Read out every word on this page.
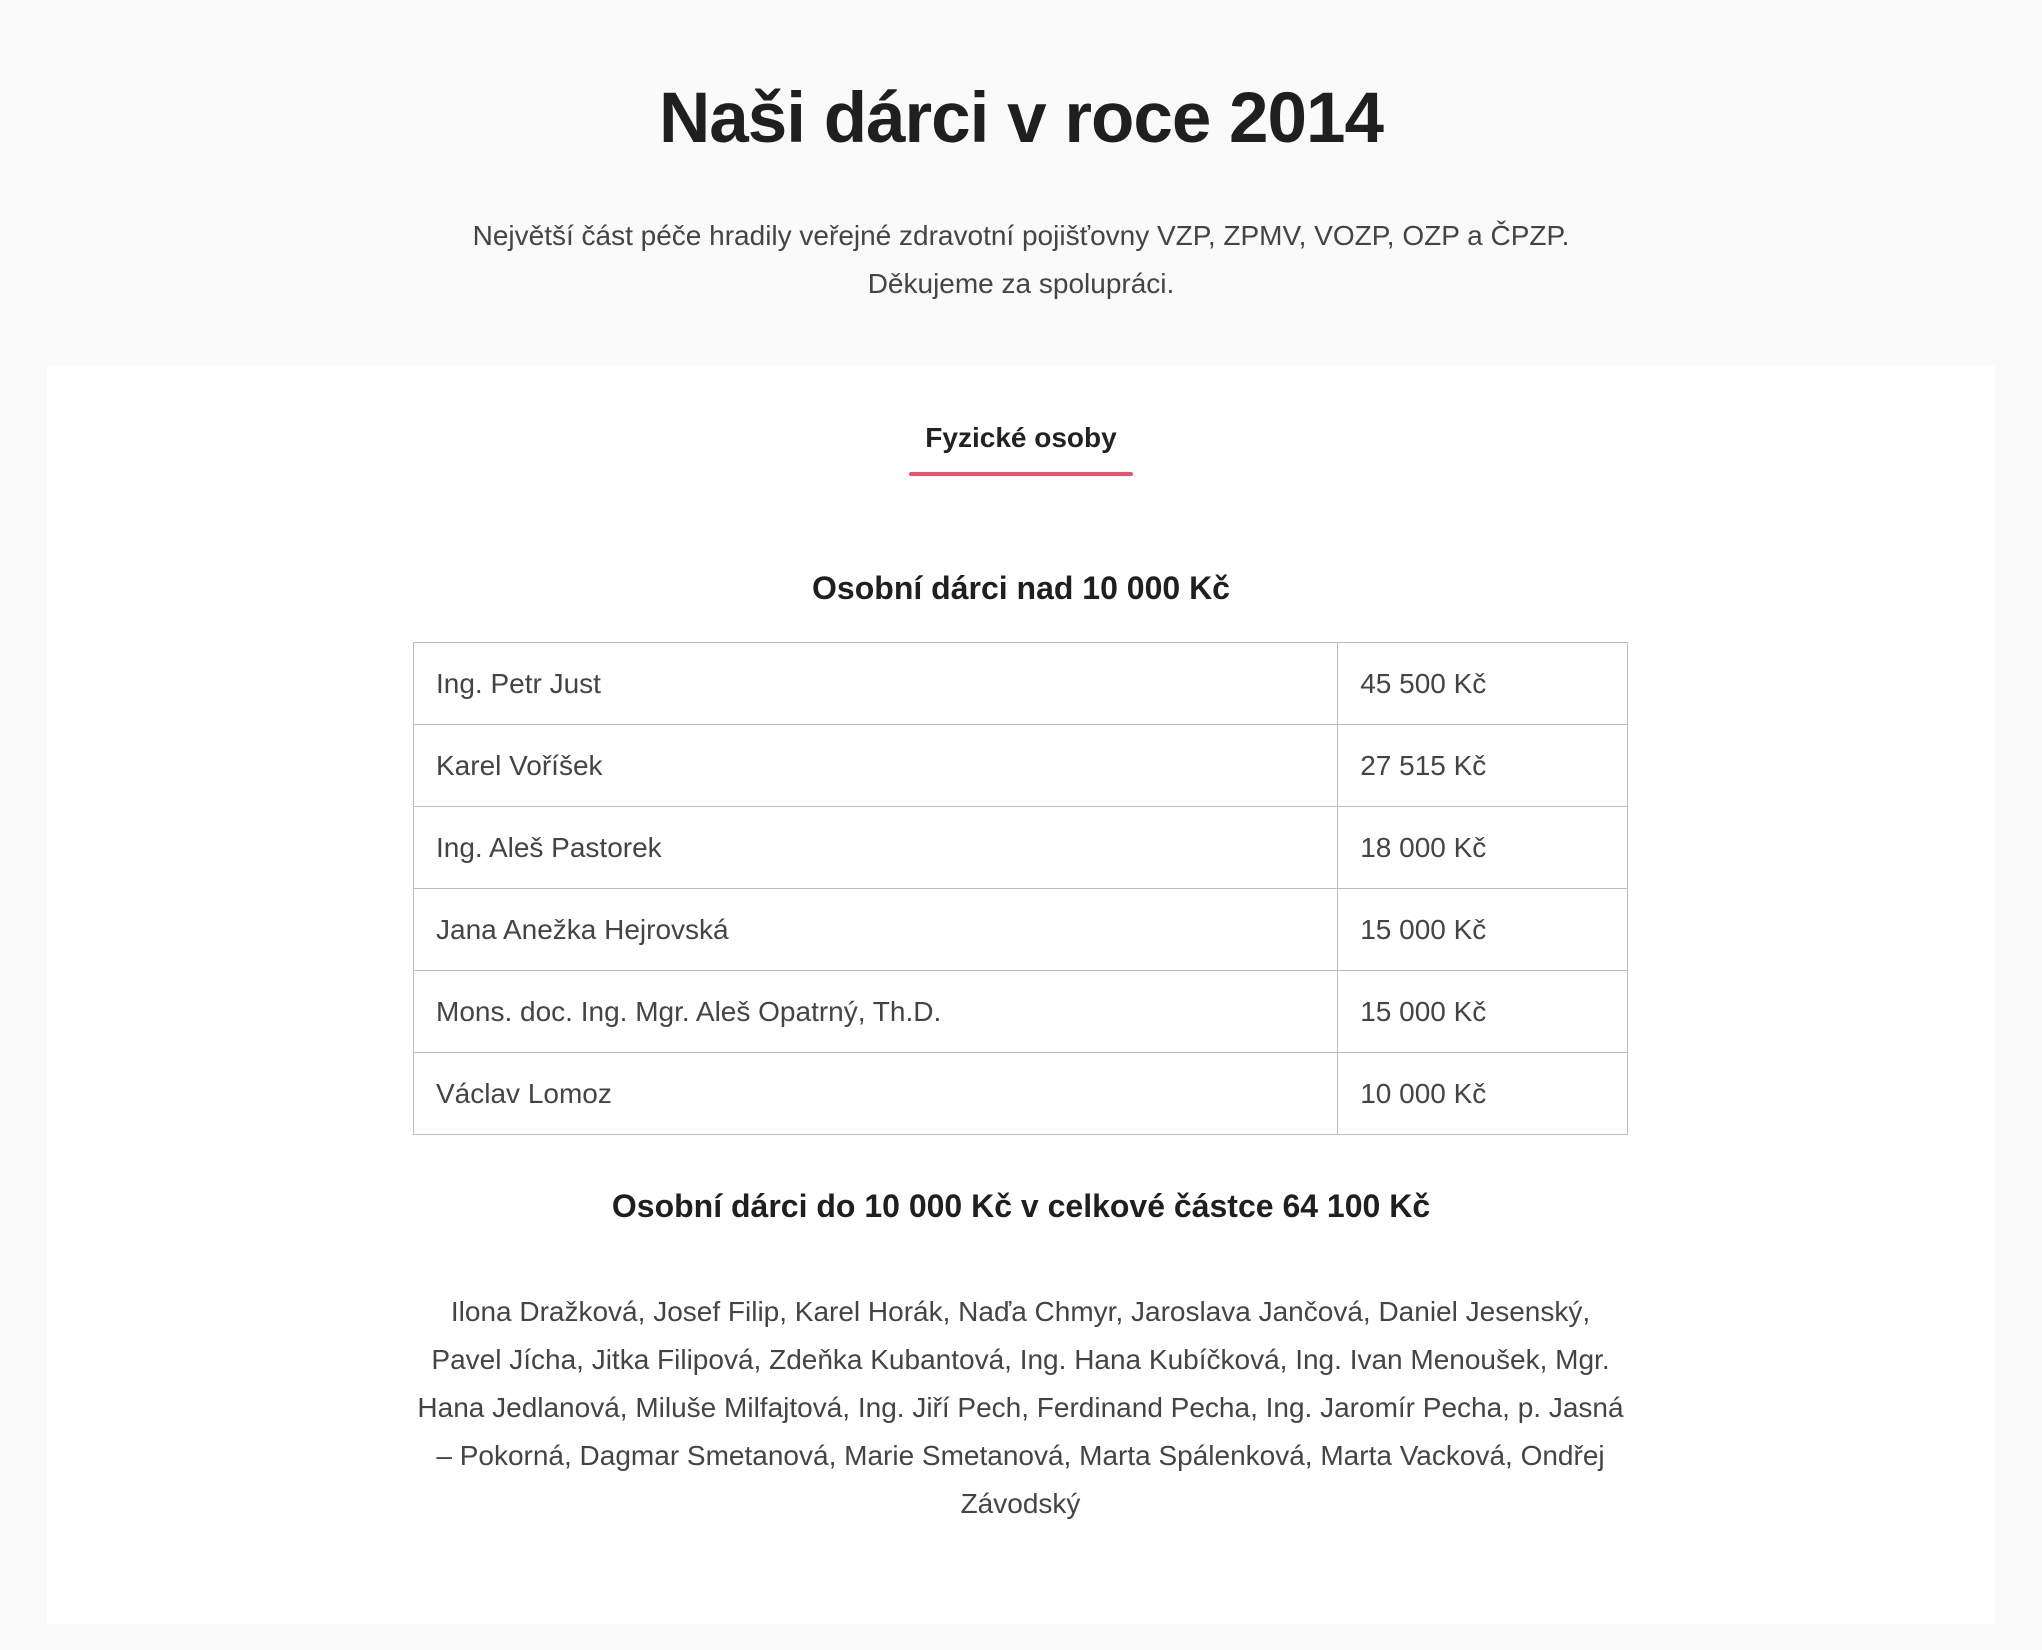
Naši dárci v roce 2014
Největší část péče hradily veřejné zdravotní pojišťovny VZP, ZPMV, VOZP, OZP a ČPZP.
Děkujeme za spolupráci.
Fyzické osoby
Osobní dárci nad 10 000 Kč
Ing. Petr Just	45 500 Kč
Karel Voříšek	27 515 Kč
Ing. Aleš Pastorek	18 000 Kč
Jana Anežka Hejrovská	15 000 Kč
Mons. doc. Ing. Mgr. Aleš Opatrný, Th.D.	15 000 Kč
Václav Lomoz	10 000 Kč
Osobní dárci do 10 000 Kč v celkové částce 64 100 Kč

Ilona Dražková, Josef Filip, Karel Horák, Naďa Chmyr, Jaroslava Jančová, Daniel Jesenský, Pavel Jícha, Jitka Filipová, Zdeňka Kubantová, Ing. Hana Kubíčková, Ing. Ivan Menoušek, Mgr. Hana Jedlanová, Miluše Milfajtová, Ing. Jiří Pech, Ferdinand Pecha, Ing. Jaromír Pecha, p. Jasná – Pokorná, Dagmar Smetanová, Marie Smetanová, Marta Spálenková, Marta Vacková, Ondřej Závodský
